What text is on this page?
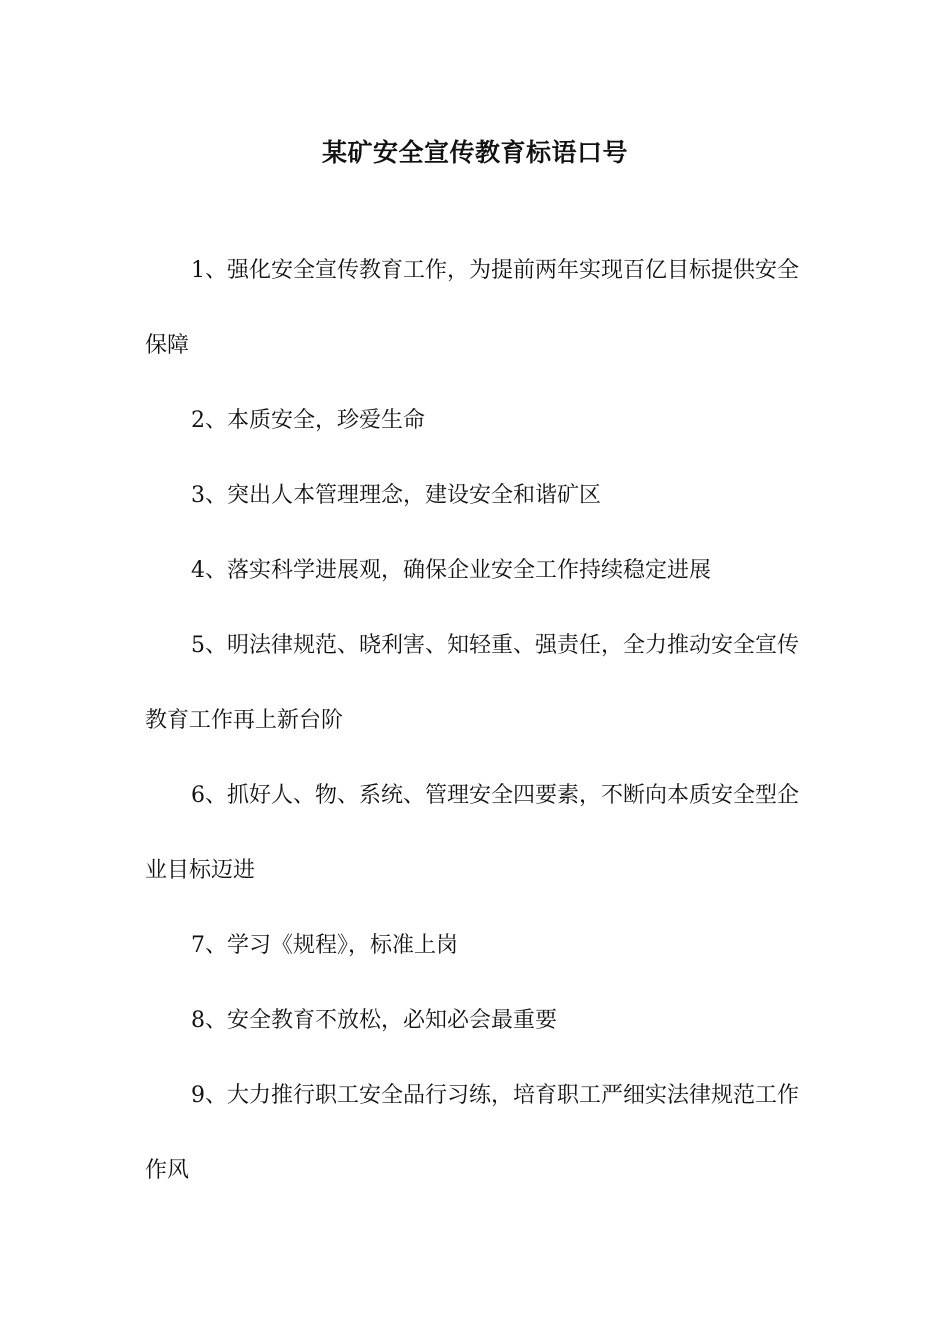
某矿安全宣传教育标语口号

1、强化安全宣传教育工作，为提前两年实现百亿目标提供安全保障

2、本质安全，珍爱生命

3、突出人本管理理念，建设安全和谐矿区

4、落实科学进展观，确保企业安全工作持续稳定进展

5、明法律规范、晓利害、知轻重、强责任，全力推动安全宣传教育工作再上新台阶

6、抓好人、物、系统、管理安全四要素，不断向本质安全型企业目标迈进

7、学习《规程》，标准上岗

8、安全教育不放松，必知必会最重要

9、大力推行职工安全品行习练，培育职工严细实法律规范工作作风
